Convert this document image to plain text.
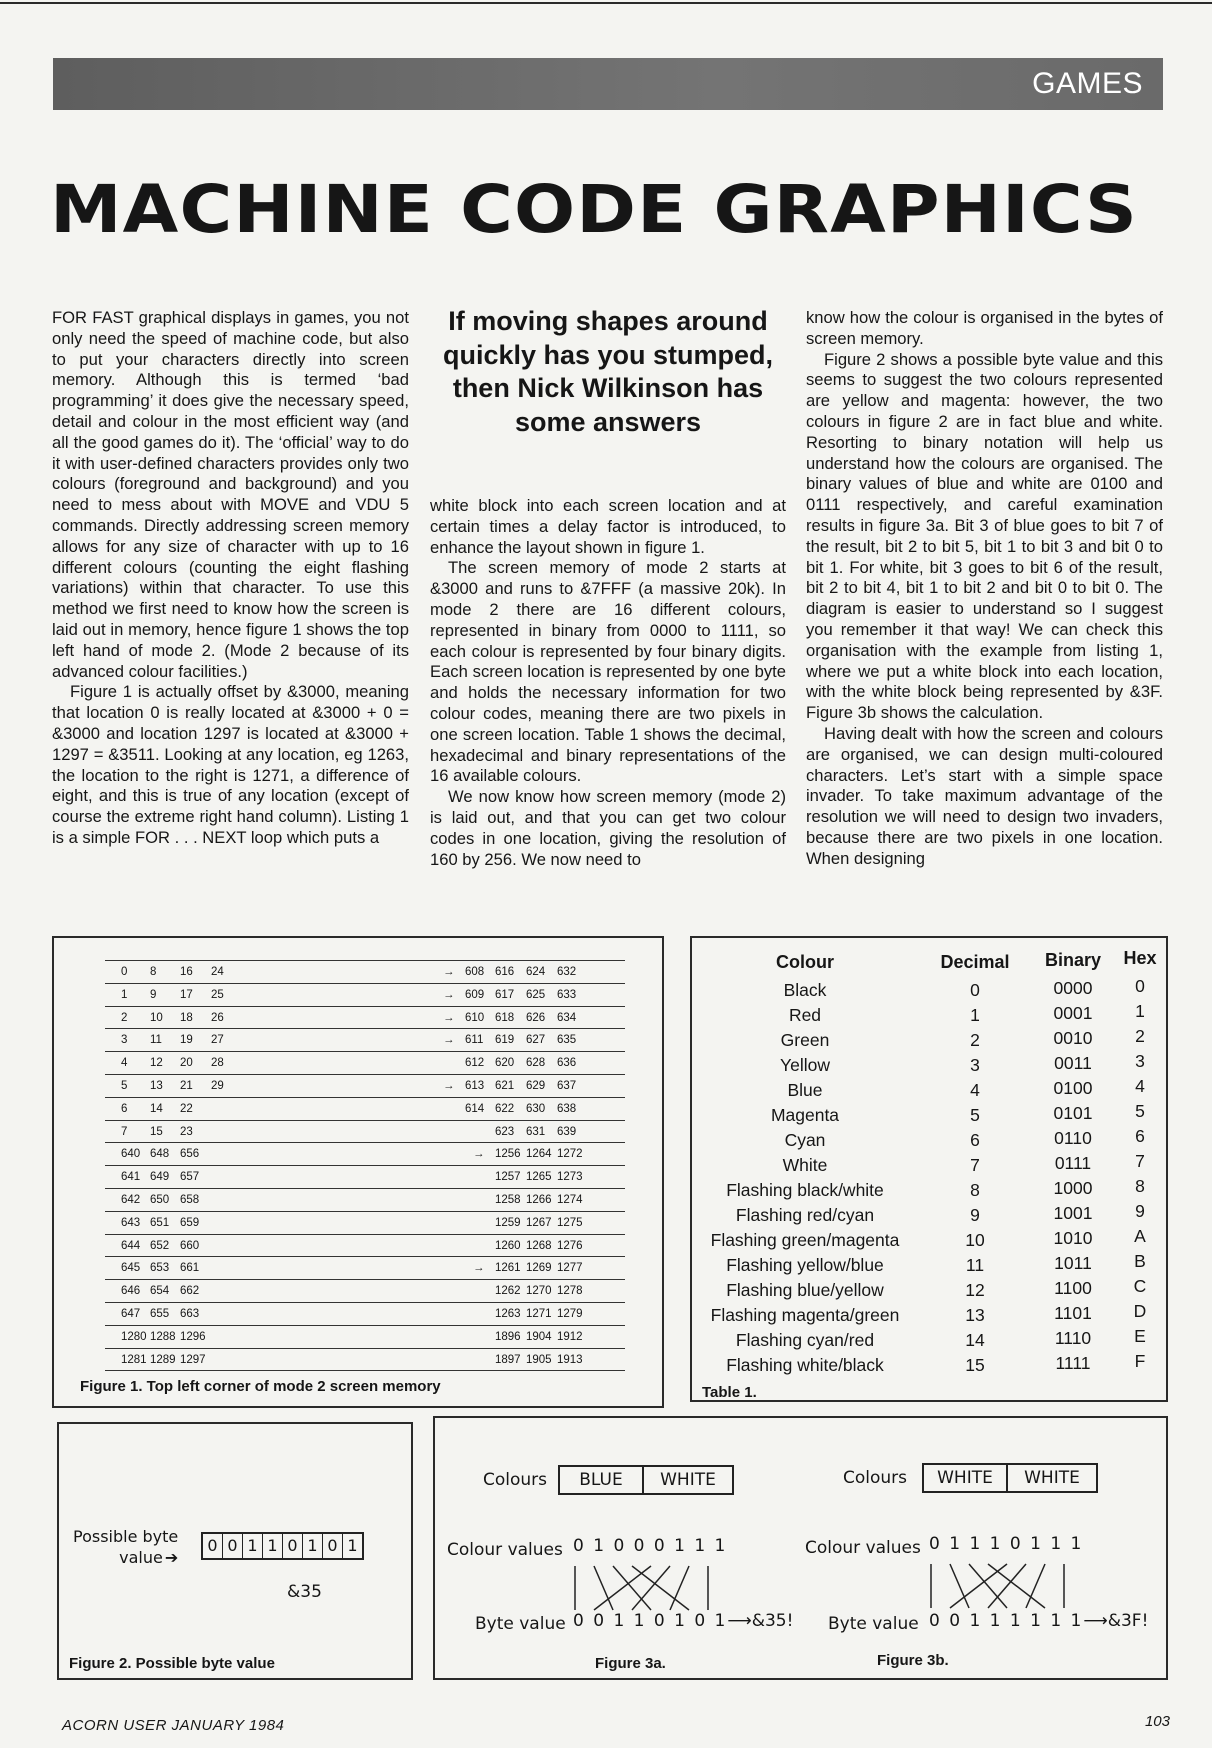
GAMES
MACHINE CODE GRAPHICS

FOR FAST graphical displays in games, you not only need the speed of machine code, but also to put your characters directly into screen memory. Although this is termed ‘bad programming’ it does give the necessary speed, detail and colour in the most efficient way (and all the good games do it). The ‘official’ way to do it with user-defined characters provides only two colours (foreground and background) and you need to mess about with MOVE and VDU 5 commands. Directly addressing screen memory allows for any size of character with up to 16 different colours (counting the eight flashing variations) within that character. To use this method we first need to know how the screen is laid out in memory, hence figure 1 shows the top left hand of mode 2. (Mode 2 because of its advanced colour facilities.)

Figure 1 is actually offset by &3000, meaning that location 0 is really located at &3000 + 0 = &3000 and location 1297 is located at &3000 + 1297 = &3511. Looking at any location, eg 1263, the location to the right is 1271, a difference of eight, and this is true of any location (except of course the extreme right hand column). Listing 1 is a simple FOR . . . NEXT loop which puts a

If moving shapes around quickly has you stumped, then Nick Wilkinson has some answers

white block into each screen location and at certain times a delay factor is introduced, to enhance the layout shown in figure 1.

The screen memory of mode 2 starts at &3000 and runs to &7FFF (a massive 20k). In mode 2 there are 16 different colours, represented in binary from 0000 to 1111, so each colour is represented by four binary digits. Each screen location is represented by one byte and holds the necessary information for two colour codes, meaning there are two pixels in one screen location. Table 1 shows the decimal, hexadecimal and binary representations of the 16 available colours.

We now know how screen memory (mode 2) is laid out, and that you can get two colour codes in one location, giving the resolution of 160 by 256. We now need to

know how the colour is organised in the bytes of screen memory.

Figure 2 shows a possible byte value and this seems to suggest the two colours represented are yellow and magenta: however, the two colours in figure 2 are in fact blue and white. Resorting to binary notation will help us understand how the colours are organised. The binary values of blue and white are 0100 and 0111 respectively, and careful examination results in figure 3a. Bit 3 of blue goes to bit 7 of the result, bit 2 to bit 5, bit 1 to bit 3 and bit 0 to bit 1. For white, bit 3 goes to bit 6 of the result, bit 2 to bit 4, bit 1 to bit 2 and bit 0 to bit 0. The diagram is easier to understand so I suggest you remember it that way! We can check this organisation with the example from listing 1, where we put a white block into each location, with the white block being represented by &3F. Figure 3b shows the calculation.

Having dealt with how the screen and colours are organised, we can design multi-coloured characters. Let’s start with a simple space invader. To take maximum advantage of the resolution we will need to design two invaders, because there are two pixels in one location. When designing

0 8 16 24	608 616 624 632
→
1 9 17 25	609 617 625 633
→
2 10 18 26	610 618 626 634
→
3 11 19 27	611 619 627 635
→
4 12 20 28	612 620 628 636
5 13 21 29	613 621 629 637
→
6 14 22	614 622 630 638
7 15 23	623 631 639
640 648 656	1256 1264 1272
→
641 649 657	1257 1265 1273
642 650 658	1258 1266 1274
643 651 659	1259 1267 1275
644 652 660	1260 1268 1276
645 653 661	1261 1269 1277
→
646 654 662	1262 1270 1278
647 655 663	1263 1271 1279
1280 1288 1296	1896 1904 1912
1281 1289 1297	1897 1905 1913
Figure 1. Top left corner of mode 2 screen memory
Colour	Decimal	Binary	Hex
Black	0	0000	0
Red	1	0001	1
Green	2	0010	2
Yellow	3	0011	3
Blue	4	0100	4
Magenta	5	0101	5
Cyan	6	0110	6
White	7	0111	7
Flashing black/white	8	1000	8
Flashing red/cyan	9	1001	9
Flashing green/magenta	10	1010	A
Flashing yellow/blue	11	1011	B
Flashing blue/yellow	12	1100	C
Flashing magenta/green	13	1101	D
Flashing cyan/red	14	1110	E
Flashing white/black	15	1111	F
Table 1.
Possible byte
value ➔
0 0 1 1 0 1 0 1
&35
Figure 2. Possible byte value
Colours	BLUE	WHITE
Colour values 0 1 0 0 0 1 1 1
Byte value 0 0 1 1 0 1 0 1⟶&35!
Figure 3a.
Colours	WHITE	WHITE
Colour values 0 1 1 1 0 1 1 1
Byte value 0 0 1 1 1 1 1 1⟶&3F!
Figure 3b.
ACORN USER JANUARY 1984	103
